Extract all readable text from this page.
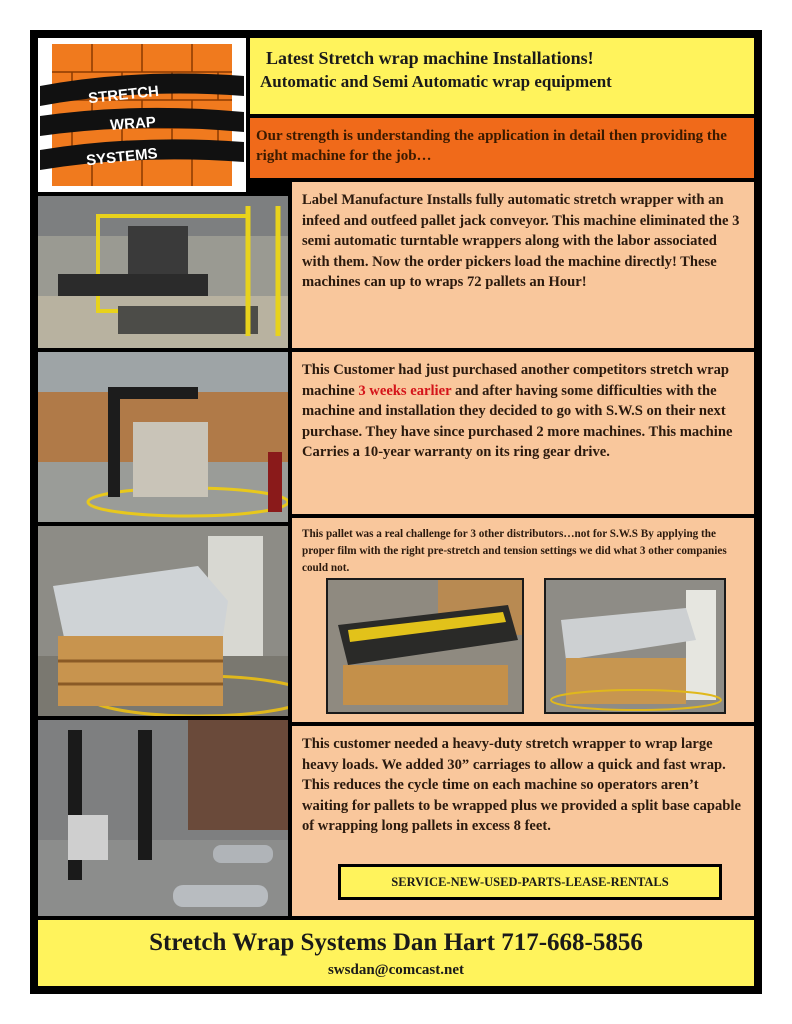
STRETCH
WRAP
SYSTEMS
Latest Stretch wrap machine Installations!
Automatic and Semi Automatic wrap equipment

Our strength is understanding the application in detail then providing the right machine for the job…

Label Manufacture Installs fully automatic stretch wrapper with an infeed and outfeed pallet jack conveyor. This machine eliminated the 3 semi automatic turntable wrappers along with the labor associated with them. Now the order pickers load the machine directly! These machines can up to wraps 72 pallets an Hour!

This Customer had just purchased another competitors stretch wrap machine 3 weeks earlier and after having some difficulties with the machine and installation they decided to go with S.W.S on their next purchase. They have since purchased 2 more machines. This machine Carries a 10-year warranty on its ring gear drive.

This pallet was a real challenge for 3 other distributors…not for S.W.S By applying the proper film with the right pre-stretch and tension settings we did what 3 other companies could not.

This customer needed a heavy-duty stretch wrapper to wrap large heavy loads. We added 30” carriages to allow a quick and fast wrap. This reduces the cycle time on each machine so operators aren’t waiting for pallets to be wrapped plus we provided a split base capable of wrapping long pallets in excess 8 feet.

SERVICE-NEW-USED-PARTS-LEASE-RENTALS
Stretch Wrap Systems Dan Hart 717-668-5856
swsdan@comcast.net
